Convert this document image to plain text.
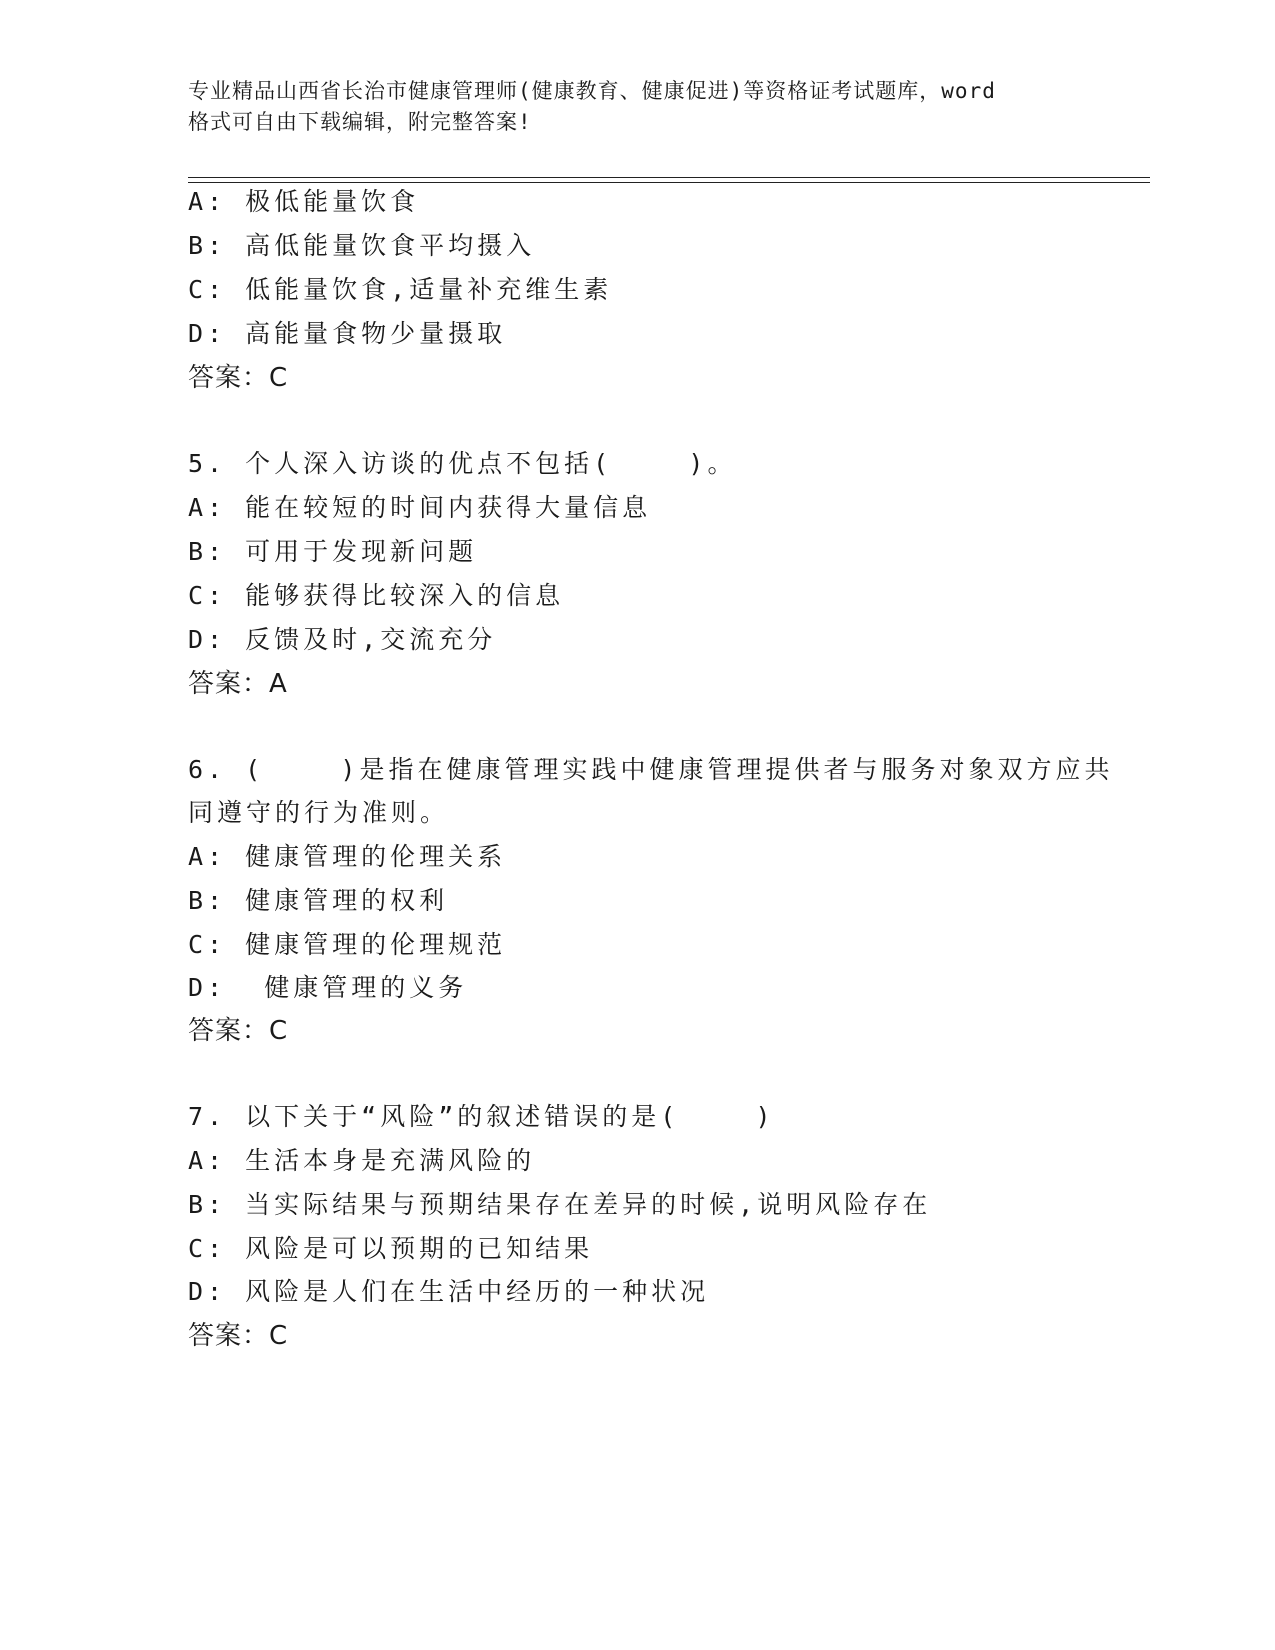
专业精品山西省长治市健康管理师(健康教育、健康促进)等资格证考试题库，word
格式可自由下载编辑，附完整答案!
A: 极低能量饮食
B: 高低能量饮食平均摄入
C: 低能量饮食,适量补充维生素
D: 高能量食物少量摄取
答案：C
5. 个人深入访谈的优点不包括(    )。
A: 能在较短的时间内获得大量信息
B: 可用于发现新问题
C: 能够获得比较深入的信息
D: 反馈及时,交流充分
答案：A
6. (    )是指在健康管理实践中健康管理提供者与服务对象双方应共
同遵守的行为准则。
A: 健康管理的伦理关系
B: 健康管理的权利
C: 健康管理的伦理规范
D:  健康管理的义务
答案：C
7. 以下关于“风险”的叙述错误的是(    )
A: 生活本身是充满风险的
B: 当实际结果与预期结果存在差异的时候,说明风险存在
C: 风险是可以预期的已知结果
D: 风险是人们在生活中经历的一种状况
答案：C
